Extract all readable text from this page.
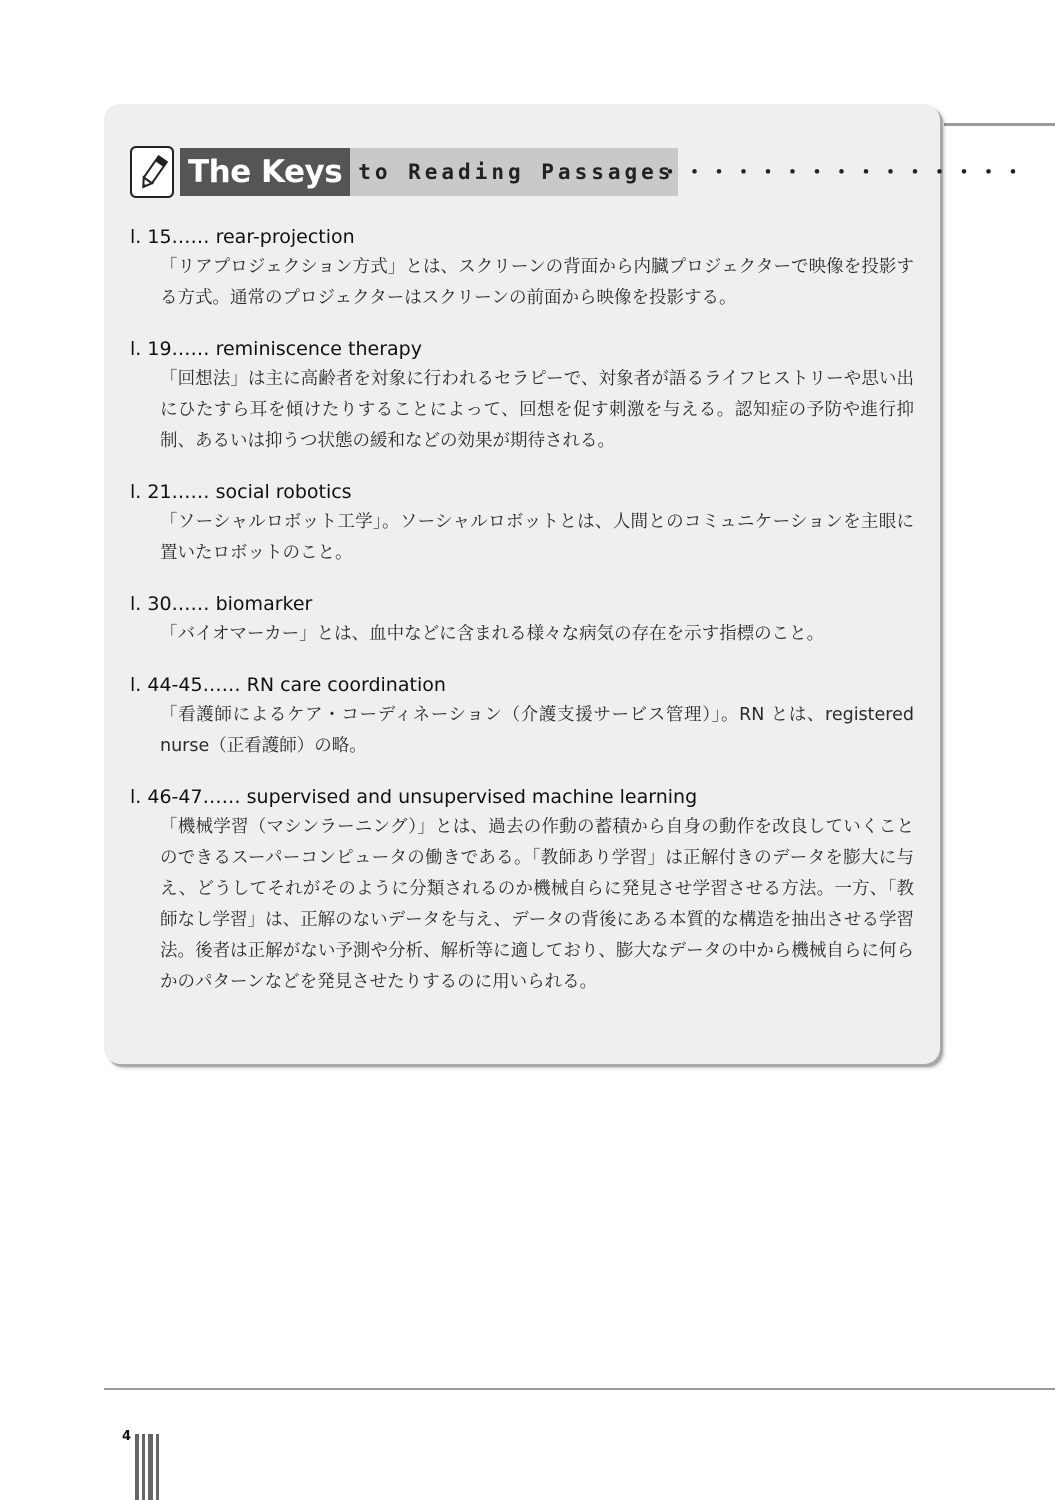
The Keys to Reading Passages
・・・・・・・・・・・・・・・

l. 15…… rear-projection

「リアプロジェクション方式」とは、スクリーンの背面から内臓プロジェクターで映像を投影する方式。通常のプロジェクターはスクリーンの前面から映像を投影する。

l. 19…… reminiscence therapy

「回想法」は主に高齢者を対象に行われるセラピーで、対象者が語るライフヒストリーや思い出にひたすら耳を傾けたりすることによって、回想を促す刺激を与える。認知症の予防や進行抑制、あるいは抑うつ状態の緩和などの効果が期待される。

l. 21…… social robotics

「ソーシャルロボット工学」。ソーシャルロボットとは、人間とのコミュニケーションを主眼に置いたロボットのこと。

l. 30…… biomarker

「バイオマーカー」とは、血中などに含まれる様々な病気の存在を示す指標のこと。

l. 44-45…… RN care coordination

「看護師によるケア・コーディネーション（介護支援サービス管理）」。RN とは、registered nurse（正看護師）の略。

l. 46-47…… supervised and unsupervised machine learning

「機械学習（マシンラーニング）」とは、過去の作動の蓄積から自身の動作を改良していくことのできるスーパーコンピュータの働きである。「教師あり学習」は正解付きのデータを膨大に与え、どうしてそれがそのように分類されるのか機械自らに発見させ学習させる方法。一方、「教師なし学習」は、正解のないデータを与え、データの背後にある本質的な構造を抽出させる学習法。後者は正解がない予測や分析、解析等に適しており、膨大なデータの中から機械自らに何らかのパターンなどを発見させたりするのに用いられる。

4
